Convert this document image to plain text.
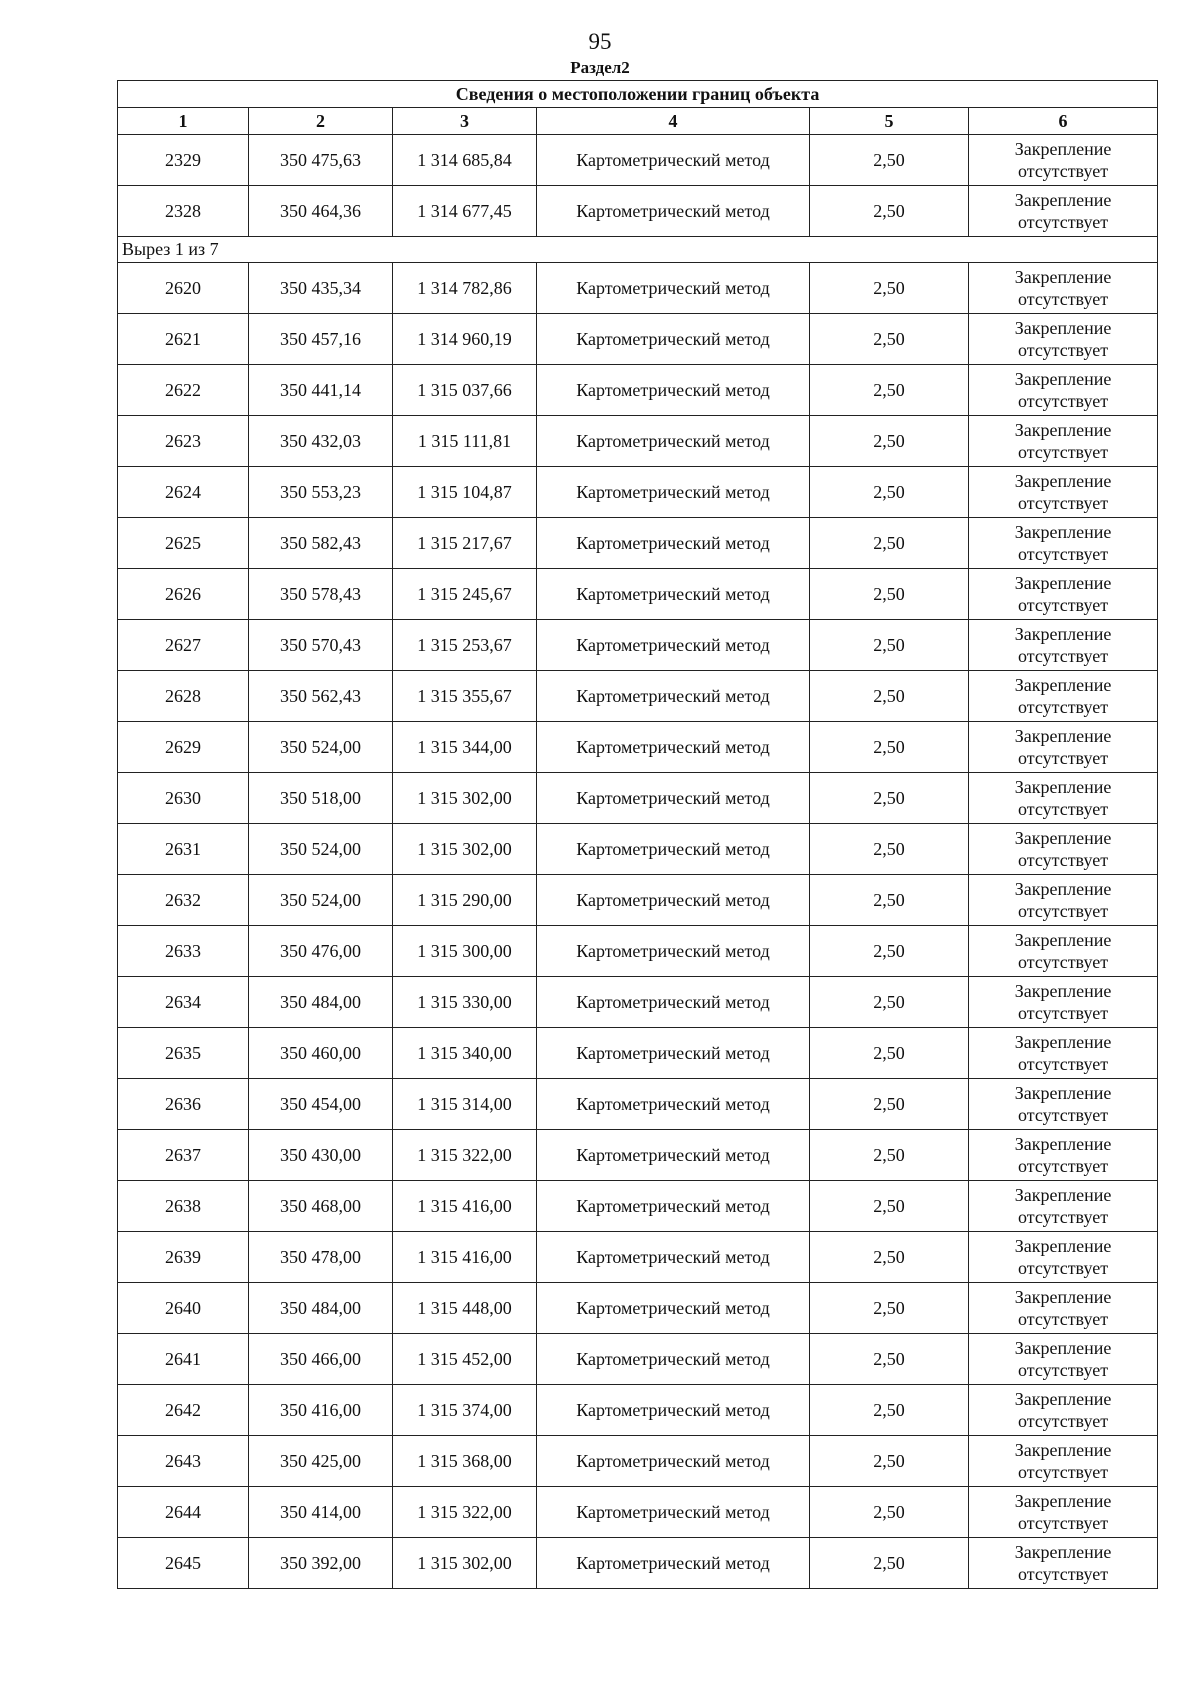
95
Раздел2
Сведения о местоположении границ объекта					
1	2	3	4	5	6
2329	350 475,63	1 314 685,84	Картометрический метод	2,50	Закрепление
отсутствует

2328	350 464,36	1 314 677,45	Картометрический метод	2,50	Закрепление
отсутствует

Вырез 1 из 7					
2620	350 435,34	1 314 782,86	Картометрический метод	2,50	Закрепление
отсутствует

2621	350 457,16	1 314 960,19	Картометрический метод	2,50	Закрепление
отсутствует

2622	350 441,14	1 315 037,66	Картометрический метод	2,50	Закрепление
отсутствует

2623	350 432,03	1 315 111,81	Картометрический метод	2,50	Закрепление
отсутствует

2624	350 553,23	1 315 104,87	Картометрический метод	2,50	Закрепление
отсутствует

2625	350 582,43	1 315 217,67	Картометрический метод	2,50	Закрепление
отсутствует

2626	350 578,43	1 315 245,67	Картометрический метод	2,50	Закрепление
отсутствует

2627	350 570,43	1 315 253,67	Картометрический метод	2,50	Закрепление
отсутствует

2628	350 562,43	1 315 355,67	Картометрический метод	2,50	Закрепление
отсутствует

2629	350 524,00	1 315 344,00	Картометрический метод	2,50	Закрепление
отсутствует

2630	350 518,00	1 315 302,00	Картометрический метод	2,50	Закрепление
отсутствует

2631	350 524,00	1 315 302,00	Картометрический метод	2,50	Закрепление
отсутствует

2632	350 524,00	1 315 290,00	Картометрический метод	2,50	Закрепление
отсутствует

2633	350 476,00	1 315 300,00	Картометрический метод	2,50	Закрепление
отсутствует

2634	350 484,00	1 315 330,00	Картометрический метод	2,50	Закрепление
отсутствует

2635	350 460,00	1 315 340,00	Картометрический метод	2,50	Закрепление
отсутствует

2636	350 454,00	1 315 314,00	Картометрический метод	2,50	Закрепление
отсутствует

2637	350 430,00	1 315 322,00	Картометрический метод	2,50	Закрепление
отсутствует

2638	350 468,00	1 315 416,00	Картометрический метод	2,50	Закрепление
отсутствует

2639	350 478,00	1 315 416,00	Картометрический метод	2,50	Закрепление
отсутствует

2640	350 484,00	1 315 448,00	Картометрический метод	2,50	Закрепление
отсутствует

2641	350 466,00	1 315 452,00	Картометрический метод	2,50	Закрепление
отсутствует

2642	350 416,00	1 315 374,00	Картометрический метод	2,50	Закрепление
отсутствует

2643	350 425,00	1 315 368,00	Картометрический метод	2,50	Закрепление
отсутствует

2644	350 414,00	1 315 322,00	Картометрический метод	2,50	Закрепление
отсутствует

2645	350 392,00	1 315 302,00	Картометрический метод	2,50	Закрепление
отсутствует
